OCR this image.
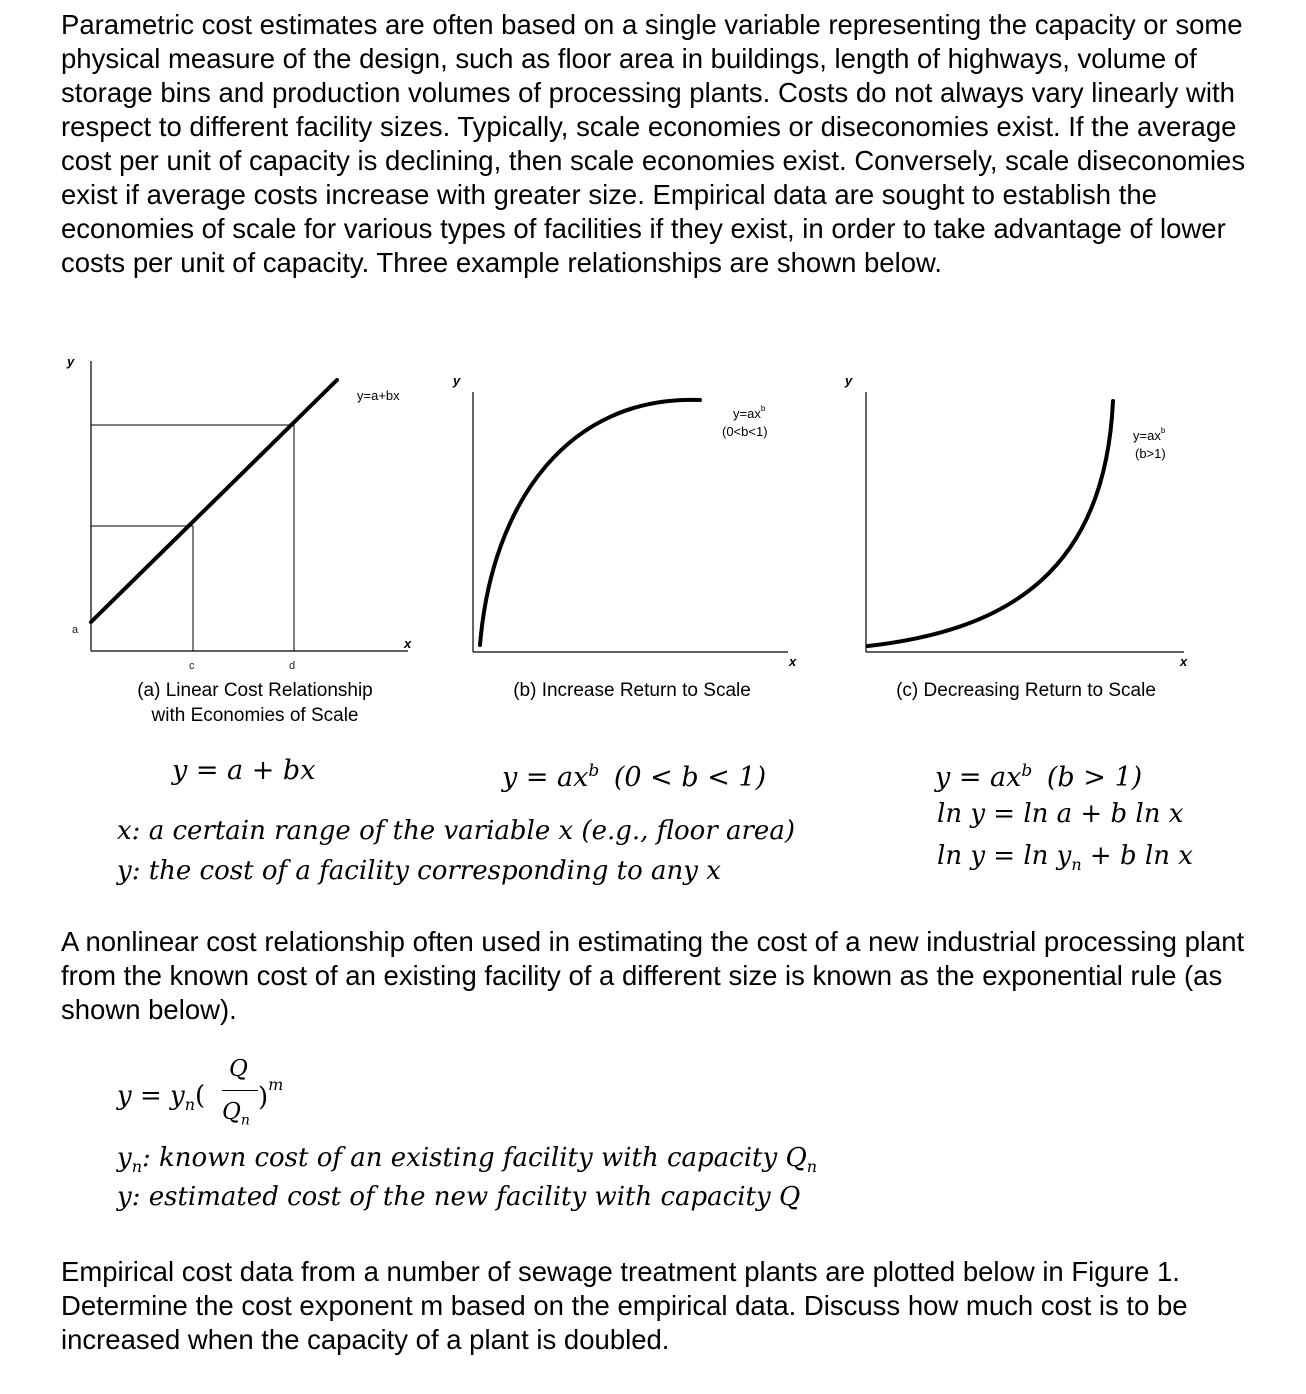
Parametric cost estimates are often based on a single variable representing the capacity or some physical measure of the design, such as floor area in buildings, length of highways, volume of storage bins and production volumes of processing plants. Costs do not always vary linearly with respect to different facility sizes. Typically, scale economies or diseconomies exist. If the average cost per unit of capacity is declining, then scale economies exist. Conversely, scale diseconomies exist if average costs increase with greater size. Empirical data are sought to establish the economies of scale for various types of facilities if they exist, in order to take advantage of lower costs per unit of capacity. Three example relationships are shown below.
y
x
y=a+bx
a
c	d
(a) Linear Cost Relationship
with Economies of Scale
y
x
$y=ax^b$
(0<b<1)
(b) Increase Return to Scale
y
x
$y=ax^b$
(b>1)
(c) Decreasing Return to Scale
y = a + bx	$y = ax^b$ (0 < b < 1)	$y = ax^b$ (b > 1)
ln y = ln a + b ln x
$\ln y = \ln y_n + b$ ln x
x: a certain range of the variable x (e.g., floor area)
y: the cost of a facility corresponding to any x
A nonlinear cost relationship often used in estimating the cost of a new industrial processing plant from the known cost of an existing facility of a different size is known as the exponential rule (as shown below).
$y = y_n$(
Q
$Q_n$
)$^m$
$y_n$: known cost of an existing facility with capacity $Q_n$
y: estimated cost of the new facility with capacity Q
Empirical cost data from a number of sewage treatment plants are plotted below in Figure 1. Determine the cost exponent m based on the empirical data. Discuss how much cost is to be increased when the capacity of a plant is doubled.
